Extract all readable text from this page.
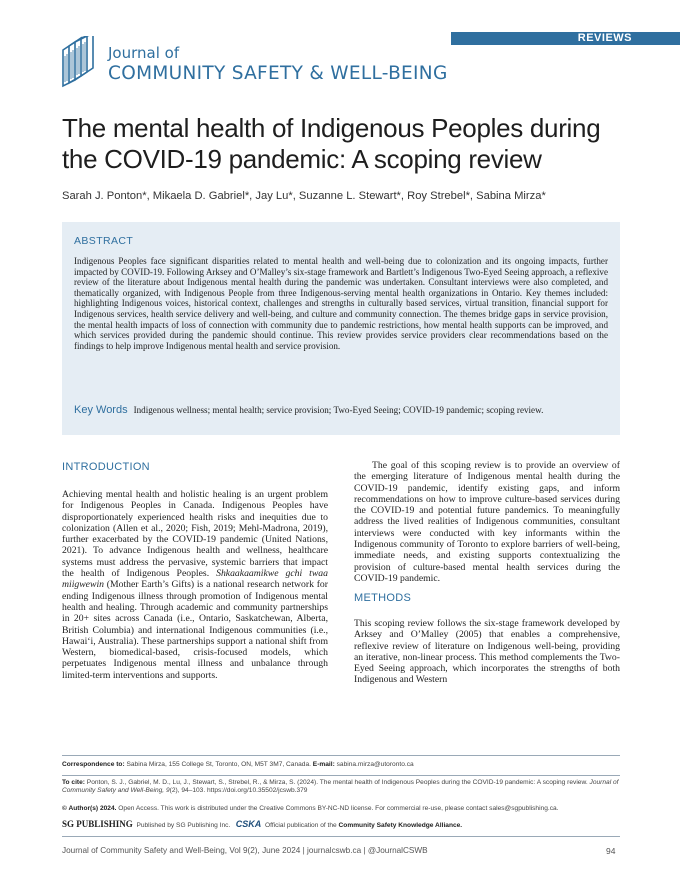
REVIEWS
Journal of
COMMUNITY SAFETY & WELL-BEING
The mental health of Indigenous Peoples during the COVID-19 pandemic: A scoping review
Sarah J. Ponton*, Mikaela D. Gabriel*, Jay Lu*, Suzanne L. Stewart*, Roy Strebel*, Sabina Mirza*
ABSTRACT
Indigenous Peoples face significant disparities related to mental health and well-being due to colonization and its ongoing impacts, further impacted by COVID-19. Following Arksey and O’Malley’s six-stage framework and Bartlett’s Indigenous Two-Eyed Seeing approach, a reflexive review of the literature about Indigenous mental health during the pandemic was undertaken. Consultant interviews were also completed, and thematically organized, with Indigenous People from three Indigenous-serving mental health organizations in Ontario. Key themes included: highlighting Indigenous voices, historical context, challenges and strengths in culturally based services, virtual transition, financial support for Indigenous services, health service delivery and well-being, and culture and community connection. The themes bridge gaps in service provision, the mental health impacts of loss of connection with community due to pandemic restrictions, how mental health supports can be improved, and which services provided during the pandemic should continue. This review provides service providers clear recommendations based on the findings to help improve Indigenous mental health and service provision.
Key Words Indigenous wellness; mental health; service provision; Two-Eyed Seeing; COVID-19 pandemic; scoping review.
INTRODUCTION
Achieving mental health and holistic healing is an urgent problem for Indigenous Peoples in Canada. Indigenous Peoples have disproportionately experienced health risks and inequities due to colonization (Allen et al., 2020; Fish, 2019; Mehl-Madrona, 2019), further exacerbated by the COVID-19 pandemic (United Nations, 2021). To advance Indigenous health and wellness, healthcare systems must address the pervasive, systemic barriers that impact the health of Indigenous Peoples. Shkaakaamikwe gchi twaa miigwewin (Mother Earth’s Gifts) is a national research network for ending Indigenous illness through promotion of Indigenous mental health and healing. Through academic and community partnerships in 20+ sites across Canada (i.e., Ontario, Saskatchewan, Alberta, British Columbia) and international Indigenous communities (i.e., Hawai‘i, Australia). These partnerships support a national shift from Western, biomedical-based, crisis-focused models, which perpetuates Indigenous mental illness and unbalance through limited-term interventions and supports.
The goal of this scoping review is to provide an overview of the emerging literature of Indigenous mental health during the COVID-19 pandemic, identify existing gaps, and inform recommendations on how to improve culture-based services during the COVID-19 and potential future pandemics. To meaningfully address the lived realities of Indigenous communities, consultant interviews were conducted with key informants within the Indigenous community of Toronto to explore barriers of well-being, immediate needs, and existing supports contextualizing the provision of culture-based mental health services during the COVID-19 pandemic.
METHODS
This scoping review follows the six-stage framework developed by Arksey and O’Malley (2005) that enables a comprehensive, reflexive review of literature on Indigenous well-being, providing an iterative, non-linear process. This method complements the Two-Eyed Seeing approach, which incorporates the strengths of both Indigenous and Western
Correspondence to: Sabina Mirza, 155 College St, Toronto, ON, M5T 3M7, Canada. E-mail: sabina.mirza@utoronto.ca
To cite: Ponton, S. J., Gabriel, M. D., Lu, J., Stewart, S., Strebel, R., & Mirza, S. (2024). The mental health of Indigenous Peoples during the COVID-19 pandemic: A scoping review. Journal of Community Safety and Well-Being, 9(2), 94–103. https://doi.org/10.35502/jcswb.379
© Author(s) 2024. Open Access. This work is distributed under the Creative Commons BY-NC-ND license. For commercial re-use, please contact sales@sgpublishing.ca.
SG PUBLISHING Published by SG Publishing Inc. CSKA Official publication of the Community Safety Knowledge Alliance.
Journal of Community Safety and Well-Being, Vol 9(2), June 2024 | journalcswb.ca | @JournalCSWB	94
